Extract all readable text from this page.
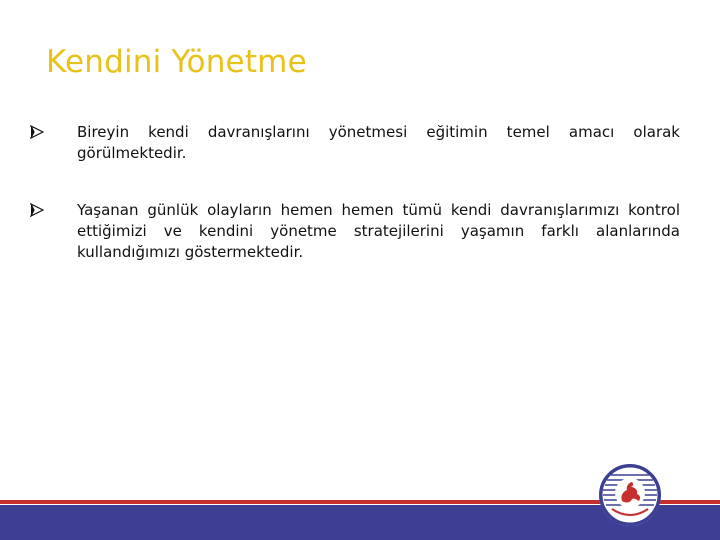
Kendini Yönetme
Bireyin kendi davranışlarını yönetmesi eğitimin temel amacı olarak görülmektedir.
Yaşanan günlük olayların hemen hemen tümü kendi davranışlarımızı kontrol ettiğimizi ve kendini yönetme stratejilerini yaşamın farklı alanlarında kullandığımızı göstermektedir.
